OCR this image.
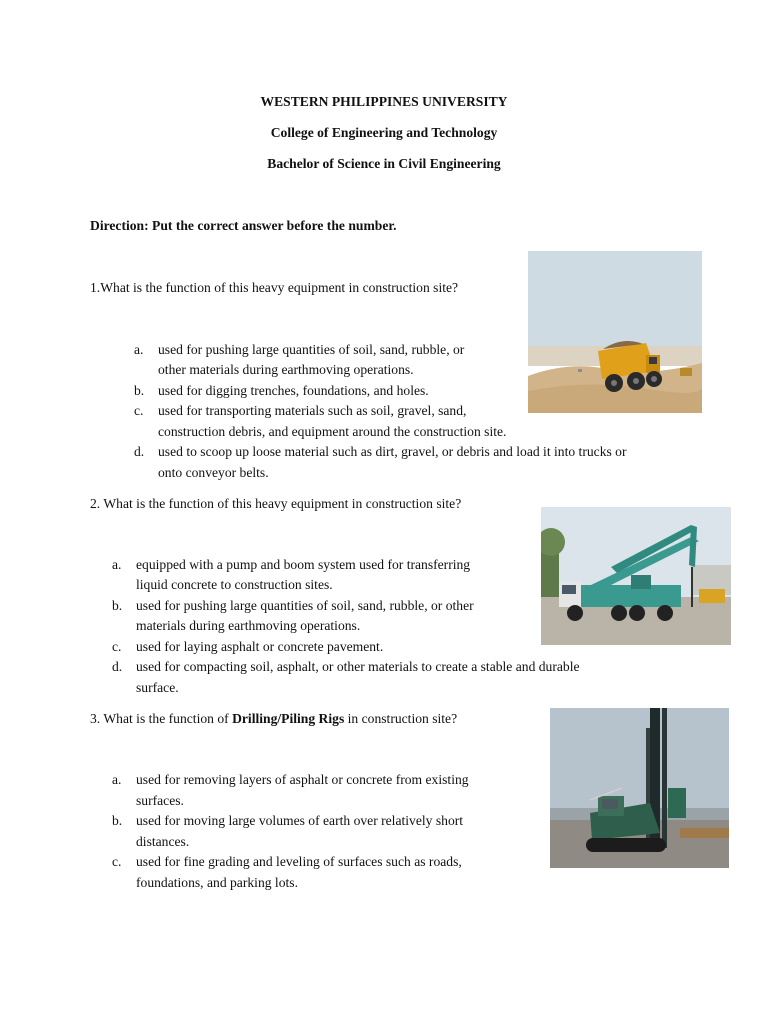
WESTERN PHILIPPINES UNIVERSITY
College of Engineering and Technology
Bachelor of Science in Civil Engineering
Direction: Put the correct answer before the number.
1.What is the function of this heavy equipment in construction site?
a. used for pushing large quantities of soil, sand, rubble, or
other materials during earthmoving operations.
b. used for digging trenches, foundations, and holes.
c. used for transporting materials such as soil, gravel, sand,
construction debris, and equipment around the construction site.
d. used to scoop up loose material such as dirt, gravel, or debris and load it into trucks or
onto conveyor belts.
2. What is the function of this heavy equipment in construction site?
a. equipped with a pump and boom system used for transferring
liquid concrete to construction sites.
b. used for pushing large quantities of soil, sand, rubble, or other
materials during earthmoving operations.
c. used for laying asphalt or concrete pavement.
d. used for compacting soil, asphalt, or other materials to create a stable and durable
surface.
3. What is the function of Drilling/Piling Rigs in construction site?
a. used for removing layers of asphalt or concrete from existing
surfaces.
b. used for moving large volumes of earth over relatively short
distances.
c. used for fine grading and leveling of surfaces such as roads,
foundations, and parking lots.
